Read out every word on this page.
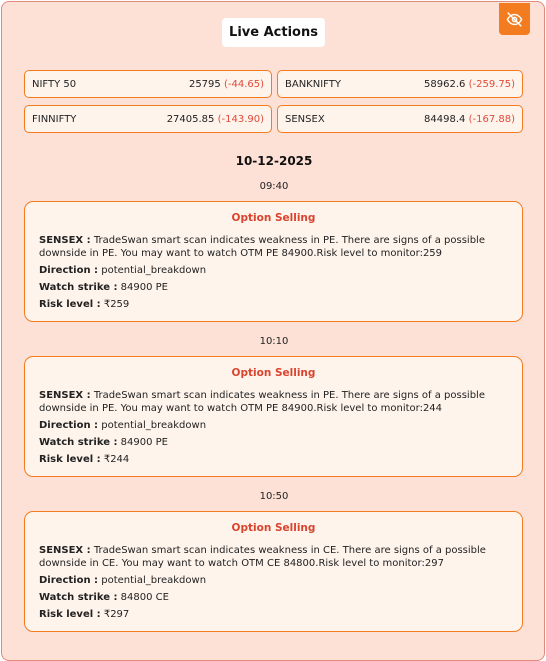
Live Actions
NIFTY 50	25795 (-44.65) BANKNIFTY	58962.6 (-259.75)
FINNIFTY	27405.85 (-143.90) SENSEX	84498.4 (-167.88)
10-12-2025
09:40
Option Selling
SENSEX : TradeSwan smart scan indicates weakness in PE. There are signs of a possible downside in PE. You may want to watch OTM PE 84900.Risk level to monitor:259
Direction : potential_breakdown
Watch strike : 84900 PE
Risk level : ₹259
10:10
Option Selling
SENSEX : TradeSwan smart scan indicates weakness in PE. There are signs of a possible downside in PE. You may want to watch OTM PE 84900.Risk level to monitor:244
Direction : potential_breakdown
Watch strike : 84900 PE
Risk level : ₹244
10:50
Option Selling
SENSEX : TradeSwan smart scan indicates weakness in CE. There are signs of a possible downside in CE. You may want to watch OTM CE 84800.Risk level to monitor:297
Direction : potential_breakdown
Watch strike : 84800 CE
Risk level : ₹297
